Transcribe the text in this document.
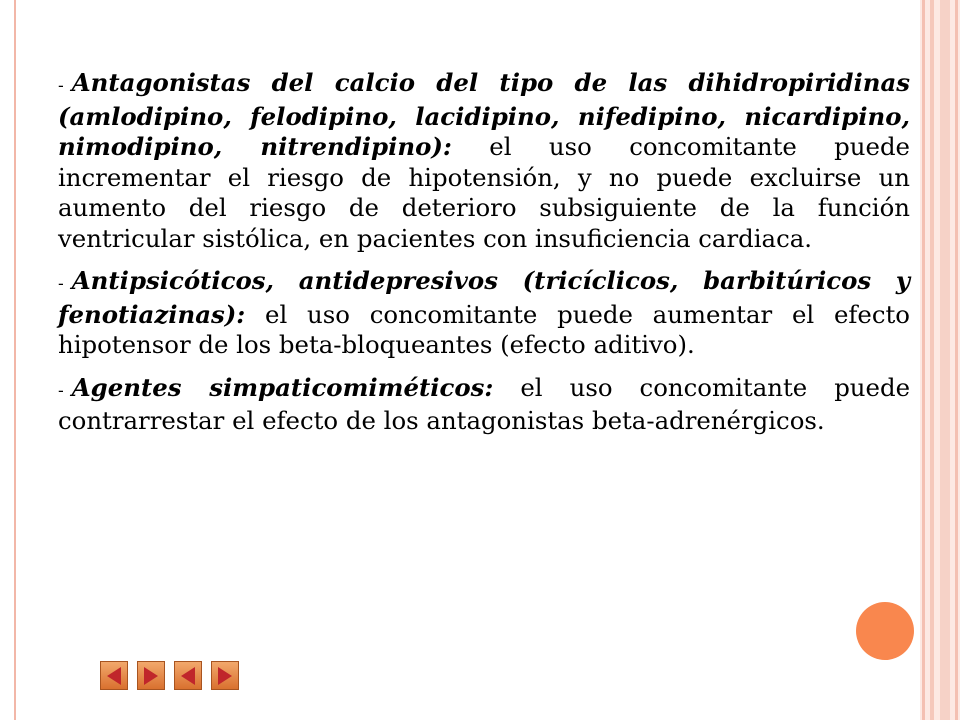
- Antagonistas del calcio del tipo de las dihidropiridinas (amlodipino, felodipino, lacidipino, nifedipino, nicardipino, nimodipino, nitrendipino): el uso concomitante puede incrementar el riesgo de hipotensión, y no puede excluirse un aumento del riesgo de deterioro subsiguiente de la función ventricular sistólica, en pacientes con insuficiencia cardiaca.

- Antipsicóticos, antidepresivos (tricíclicos, barbitúricos y fenotiazinas): el uso concomitante puede aumentar el efecto hipotensor de los beta-bloqueantes (efecto aditivo).

- Agentes simpaticomiméticos: el uso concomitante puede contrarrestar el efecto de los antagonistas beta-adrenérgicos.
